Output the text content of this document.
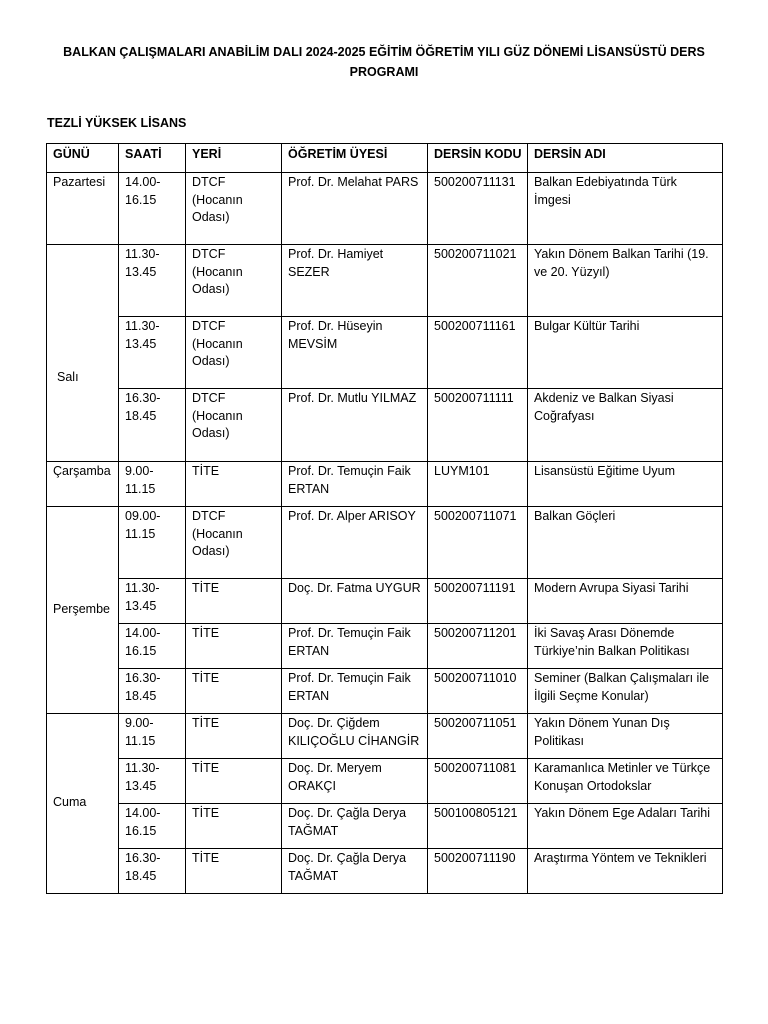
BALKAN ÇALIŞMALARI ANABİLİM DALI 2024-2025 EĞİTİM ÖĞRETİM YILI GÜZ DÖNEMİ LİSANSÜSTÜ DERS PROGRAMI
TEZLİ YÜKSEK LİSANS
GÜNÜ	SAATİ	YERİ	ÖĞRETİM ÜYESİ	DERSİN KODU	DERSİN ADI
Pazartesi	14.00-16.15	DTCF (Hocanın Odası)	Prof. Dr. Melahat PARS	500200711131	Balkan Edebiyatında Türk İmgesi

Salı	11.30-13.45	DTCF (Hocanın Odası)	Prof. Dr. Hamiyet SEZER	500200711021	Yakın Dönem Balkan Tarihi (19. ve 20. Yüzyıl)
	11.30-13.45	DTCF (Hocanın Odası)	Prof. Dr. Hüseyin MEVSİM	500200711161	Bulgar Kültür Tarihi
	16.30-18.45	DTCF (Hocanın Odası)	Prof. Dr. Mutlu YILMAZ	500200711111	Akdeniz ve Balkan Siyasi Coğrafyası
Çarşamba	9.00-11.15	TİTE	Prof. Dr. Temuçin Faik ERTAN	LUYM101	Lisansüstü Eğitime Uyum
Perşembe	09.00-11.15	DTCF (Hocanın Odası)	Prof. Dr. Alper ARISOY	500200711071	Balkan Göçleri
	11.30-13.45	TİTE	Doç. Dr. Fatma UYGUR	500200711191	Modern Avrupa Siyasi Tarihi
	14.00-16.15	TİTE	Prof. Dr. Temuçin Faik ERTAN	500200711201	İki Savaş Arası Dönemde Türkiye’nin Balkan Politikası
	16.30-18.45	TİTE	Prof. Dr. Temuçin Faik ERTAN	500200711010	Seminer (Balkan Çalışmaları ile İlgili Seçme Konular)
Cuma	9.00-11.15	TİTE	Doç. Dr. Çiğdem KILIÇOĞLU CİHANGİR	500200711051	Yakın Dönem Yunan Dış Politikası
	11.30-13.45	TİTE	Doç. Dr. Meryem ORAKÇI	500200711081	Karamanlıca Metinler ve Türkçe Konuşan Ortodokslar
	14.00-16.15	TİTE	Doç. Dr. Çağla Derya TAĞMAT	500100805121	Yakın Dönem Ege Adaları Tarihi
	16.30-18.45	TİTE	Doç. Dr. Çağla Derya TAĞMAT	500200711190	Araştırma Yöntem ve Teknikleri
